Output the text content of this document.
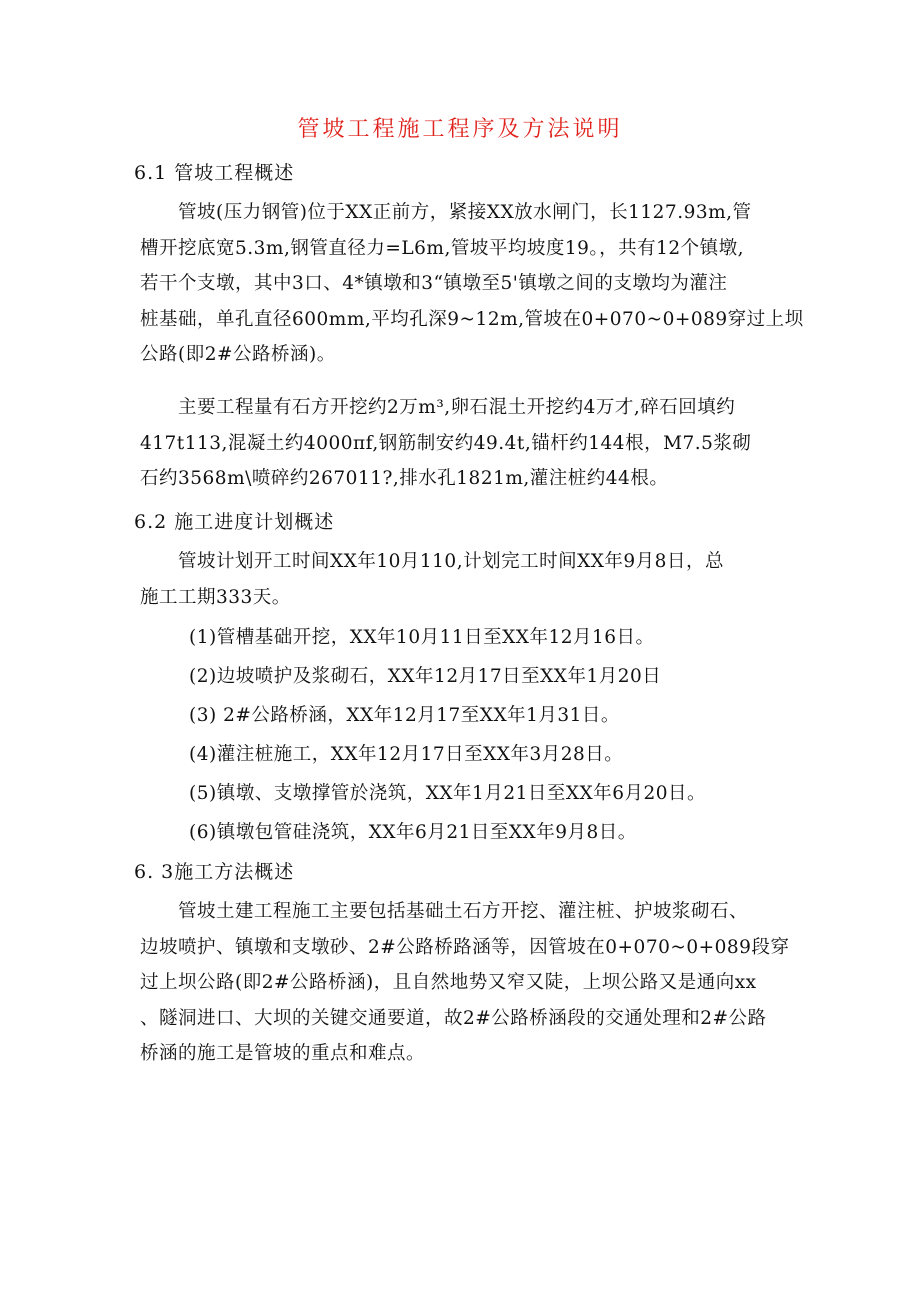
管坡工程施工程序及方法说明
6.1 管坡工程概述

管坡(压力钢管)位于XX正前方，紧接XX放水闸门，长1127.93m,管
槽开挖底宽5.3m,钢管直径力=L6m,管坡平均坡度19。，共有12个镇墩,
若干个支墩，其中3口、4*镇墩和3“镇墩至5'镇墩之间的支墩均为灌注
桩基础，单孔直径600mm,平均孔深9~12m,管坡在0+070~0+089穿过上坝
公路(即2#公路桥涵)。

主要工程量有石方开挖约2万m³,卵石混土开挖约4万才,碎石回填约
417t113,混凝土约4000πf,钢筋制安约49.4t,锚杆约144根，M7.5浆砌
石约3568m\喷碎约267011?,排水孔1821m,灌注桩约44根。

6.2 施工进度计划概述

管坡计划开工时间XX年10月110,计划完工时间XX年9月8日，总
施工工期333天。

(1)管槽基础开挖，XX年10月11日至XX年12月16日。
(2)边坡喷护及浆砌石，XX年12月17日至XX年1月20日
(3) 2#公路桥涵，XX年12月17至XX年1月31日。
(4)灌注桩施工，XX年12月17日至XX年3月28日。
(5)镇墩、支墩撑管於浇筑，XX年1月21日至XX年6月20日。
(6)镇墩包管硅浇筑，XX年6月21日至XX年9月8日。
6. 3施工方法概述

管坡土建工程施工主要包括基础土石方开挖、灌注桩、护坡浆砌石、
边坡喷护、镇墩和支墩砂、2#公路桥路涵等，因管坡在0+070~0+089段穿
过上坝公路(即2#公路桥涵)，且自然地势又窄又陡，上坝公路又是通向xx
、隧洞进口、大坝的关键交通要道，故2#公路桥涵段的交通处理和2#公路
桥涵的施工是管坡的重点和难点。
